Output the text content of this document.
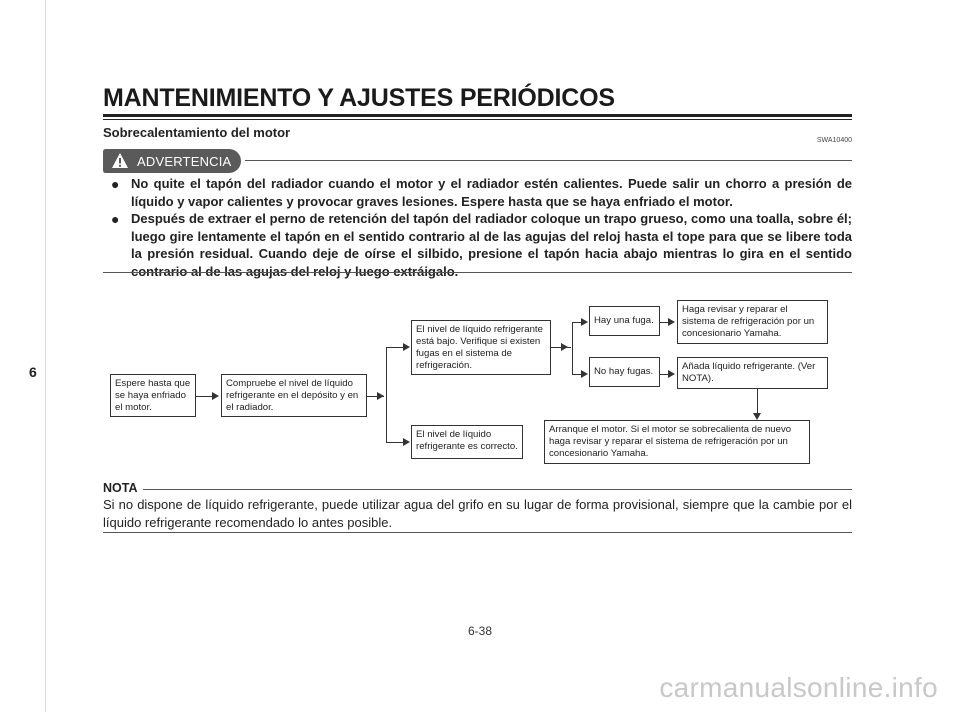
6
MANTENIMIENTO Y AJUSTES PERIÓDICOS
Sobrecalentamiento del motor
SWA10400
ADVERTENCIA
● No quite el tapón del radiador cuando el motor y el radiador estén calientes. Puede salir un chorro a presión de líquido y vapor calientes y provocar graves lesiones. Espere hasta que se haya enfriado el motor.
● Después de extraer el perno de retención del tapón del radiador coloque un trapo grueso, como una toalla, sobre él; luego gire lentamente el tapón en el sentido contrario al de las agujas del reloj hasta el tope para que se libere toda la presión residual. Cuando deje de oírse el silbido, presione el tapón hacia abajo mientras lo gira en el sentido contrario al de las agujas del reloj y luego extráigalo.
Espere hasta que se haya enfriado el motor.
Compruebe el nivel de líquido refrigerante en el depósito y en el radiador.
El nivel de líquido refrigerante está bajo. Verifique si existen fugas en el sistema de refrigeración.
El nivel de líquido refrigerante es correcto.
Hay una fuga.
No hay fugas.
Haga revisar y reparar el sistema de refrigeración por un concesionario Yamaha.
Añada líquido refrigerante. (Ver NOTA).
Arranque el motor. Si el motor se sobrecalienta de nuevo haga revisar y reparar el sistema de refrigeración por un concesionario Yamaha.
NOTA
Si no dispone de líquido refrigerante, puede utilizar agua del grifo en su lugar de forma provisional, siempre que la cambie por el líquido refrigerante recomendado lo antes posible.
6-38
carmanualsonline.info
